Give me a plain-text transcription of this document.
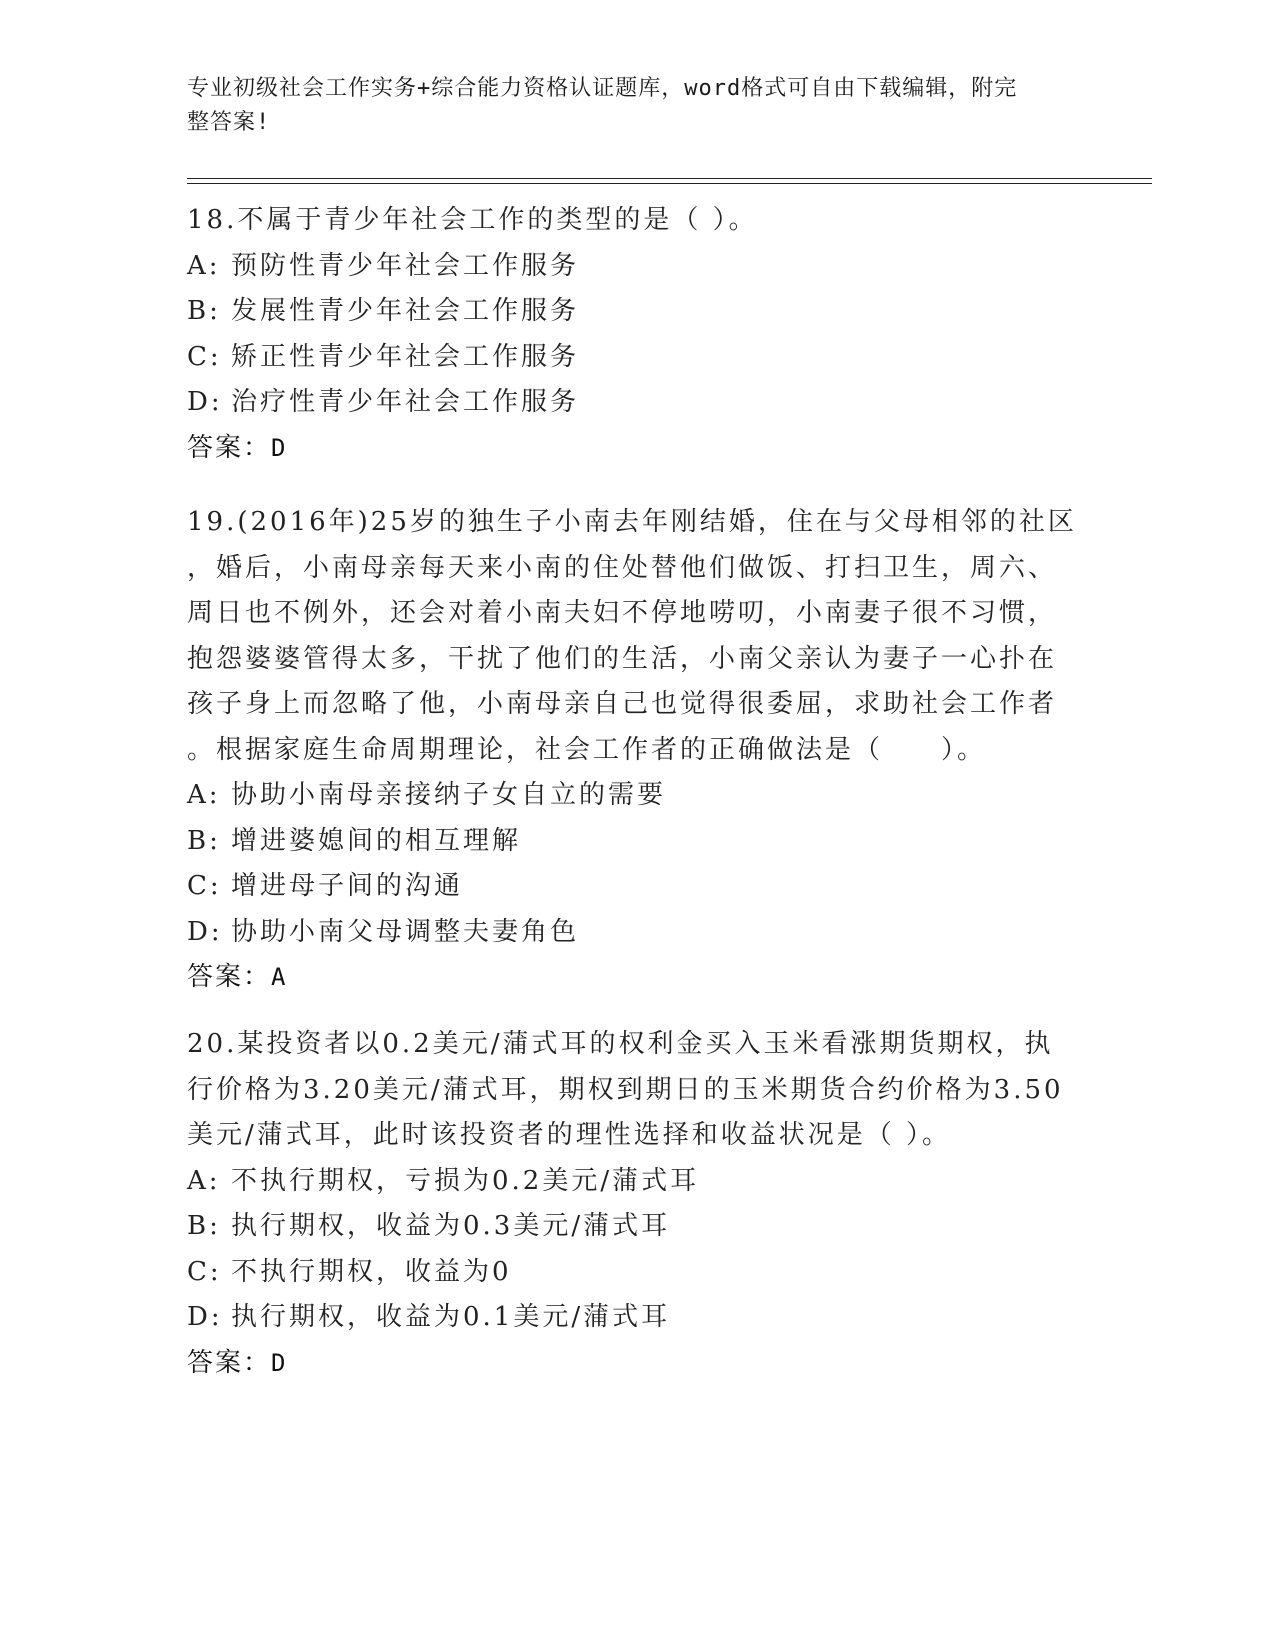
专业初级社会工作实务+综合能力资格认证题库，word格式可自由下载编辑，附完
整答案!
18.不属于青少年社会工作的类型的是（ ）。
A: 预防性青少年社会工作服务
B: 发展性青少年社会工作服务
C: 矫正性青少年社会工作服务
D: 治疗性青少年社会工作服务
答案：D
19.(2016年)25岁的独生子小南去年刚结婚，住在与父母相邻的社区
，婚后，小南母亲每天来小南的住处替他们做饭、打扫卫生，周六、
周日也不例外，还会对着小南夫妇不停地唠叨，小南妻子很不习惯，
抱怨婆婆管得太多，干扰了他们的生活，小南父亲认为妻子一心扑在
孩子身上而忽略了他，小南母亲自己也觉得很委屈，求助社会工作者
。根据家庭生命周期理论，社会工作者的正确做法是（　　）。
A: 协助小南母亲接纳子女自立的需要
B: 增进婆媳间的相互理解
C: 增进母子间的沟通
D: 协助小南父母调整夫妻角色
答案：A
20.某投资者以0.2美元/蒲式耳的权利金买入玉米看涨期货期权，执
行价格为3.20美元/蒲式耳，期权到期日的玉米期货合约价格为3.50
美元/蒲式耳，此时该投资者的理性选择和收益状况是（ ）。
A: 不执行期权，亏损为0.2美元/蒲式耳
B: 执行期权，收益为0.3美元/蒲式耳
C: 不执行期权，收益为0
D: 执行期权，收益为0.1美元/蒲式耳
答案：D
